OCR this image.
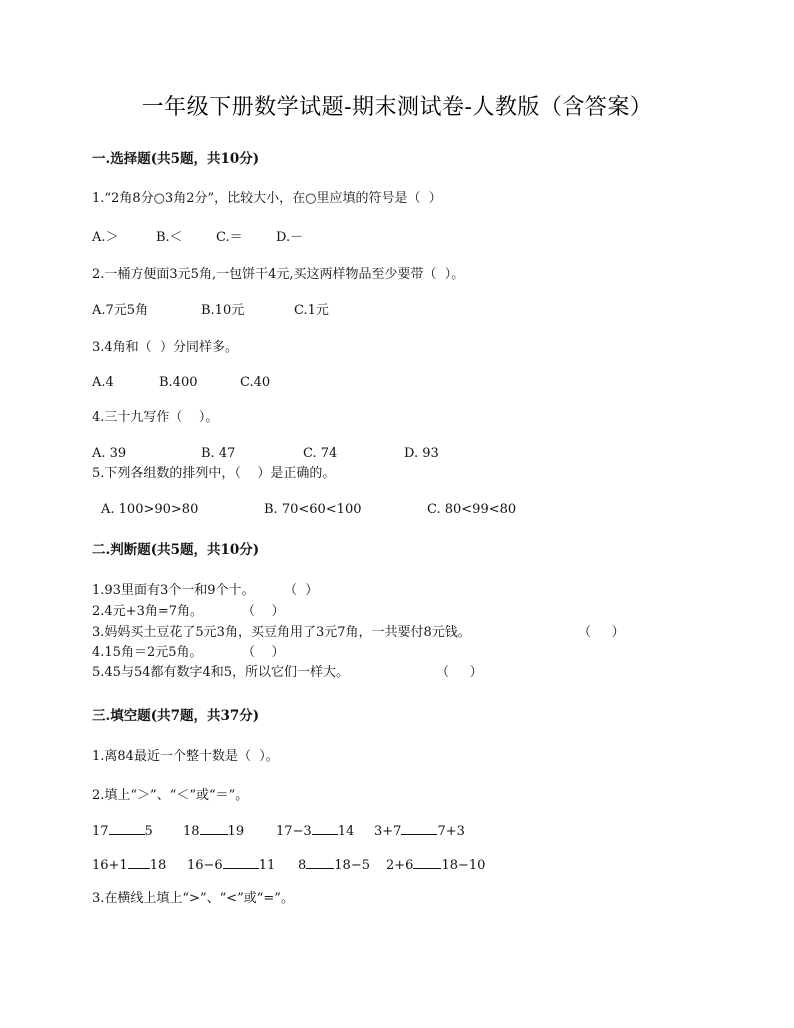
一年级下册数学试题-期末测试卷-人教版（含答案）
一.选择题(共5题，共10分)
1.“2角8分○3角2分”，比较大小，在○里应填的符号是（  ）
A.＞	B.＜	C.＝	D.－
2.一桶方便面3元5角,一包饼干4元,买这两样物品至少要带（  ）。
A.7元5角	B.10元	C.1元
3.4角和（  ）分同样多。
A.4	B.400	C.40
4.三十九写作（    ）。
A. 39	B. 47	C. 74	D. 93
5.下列各组数的排列中，（    ）是正确的。
A. 100>90>80	B. 70<60<100	C. 80<99<80
二.判断题(共5题，共10分)
1.93里面有3个一和9个十。 （  ）
2.4元+3角=7角。	（    ）
3.妈妈买土豆花了5元3角，买豆角用了3元7角，一共要付8元钱。	（     ）
4.15角＝2元5角。	（    ）
5.45与54都有数字4和5，所以它们一样大。	（     ）
三.填空题(共7题，共37分)
1.离84最近一个整十数是（  ）。
2.填上“＞”、“＜”或“＝”。
17	5 18 19 17−3 14 3+7	7+3
16+1 18 16−6	11 8 18−5 2+6 18−10
3.在横线上填上“>”、“<”或“=”。
